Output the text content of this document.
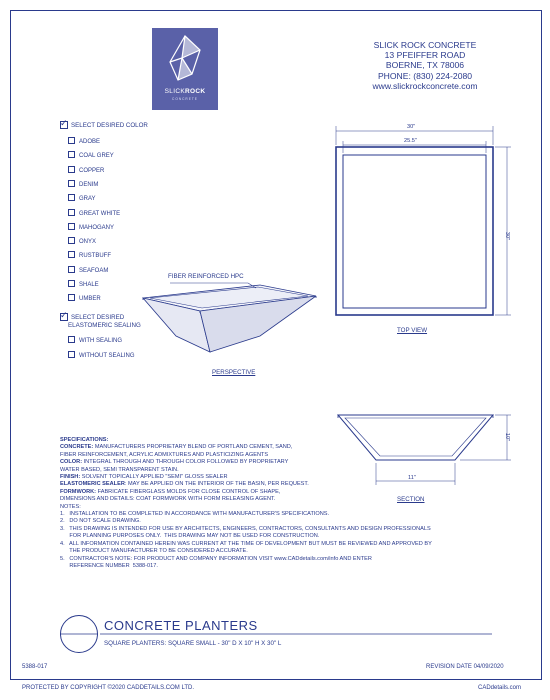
SLICKROCK
CONCRETE
SLICK ROCK CONCRETE
13 PFEIFFER ROAD
BOERNE, TX 78006
PHONE: (830) 224-2080
www.slickrockconcrete.com
✓ SELECT DESIRED COLOR
ADOBE
COAL GREY
COPPER
DENIM
GRAY
GREAT WHITE
MAHOGANY
ONYX
RUSTBUFF
SEAFOAM
SHALE
UMBER
✓ SELECT DESIRED
ELASTOMERIC SEALING
WITH SEALING
WITHOUT SEALING
FIBER REINFORCED HPC
PERSPECTIVE
TOP VIEW
SECTION
30"
25.5"
30"
11"
10"
SPECIFICATIONS:
CONCRETE: MANUFACTURERS PROPRIETARY BLEND OF PORTLAND CEMENT, SAND,
FIBER REINFORCEMENT, ACRYLIC ADMIXTURES AND PLASTICIZING AGENTS
COLOR: INTEGRAL THROUGH AND THROUGH COLOR FOLLOWED BY PROPRIETARY
WATER BASED, SEMI TRANSPARENT STAIN.
FINISH: SOLVENT TOPICALLY APPLIED "SEMI" GLOSS SEALER
ELASTOMERIC SEALER: MAY BE APPLIED ON THE INTERIOR OF THE BASIN, PER REQUEST.
FORMWORK: FABRICATE FIBERGLASS MOLDS FOR CLOSE CONTROL OF SHAPE,
DIMENSIONS AND DETAILS: COAT FORMWORK WITH FORM RELEASING AGENT.
NOTES:
1.   INSTALLATION TO BE COMPLETED IN ACCORDANCE WITH MANUFACTURER'S SPECIFICATIONS.
2.   DO NOT SCALE DRAWING.
3.   THIS DRAWING IS INTENDED FOR USE BY ARCHITECTS, ENGINEERS, CONTRACTORS, CONSULTANTS AND DESIGN PROFESSIONALS
FOR PLANNING PURPOSES ONLY.  THIS DRAWING MAY NOT BE USED FOR CONSTRUCTION.
4.   ALL INFORMATION CONTAINED HEREIN WAS CURRENT AT THE TIME OF DEVELOPMENT BUT MUST BE REVIEWED AND APPROVED BY
THE PRODUCT MANUFACTURER TO BE CONSIDERED ACCURATE.
5.   CONTRACTOR'S NOTE: FOR PRODUCT AND COMPANY INFORMATION VISIT www.CADdetails.com/info AND ENTER
REFERENCE NUMBER  5388-017.
CONCRETE PLANTERS
SQUARE PLANTERS: SQUARE SMALL - 30" D X 10" H X 30" L
5388-017	REVISION DATE 04/09/2020
PROTECTED BY COPYRIGHT ©2020 CADDETAILS.COM LTD.	CADdetails.com
